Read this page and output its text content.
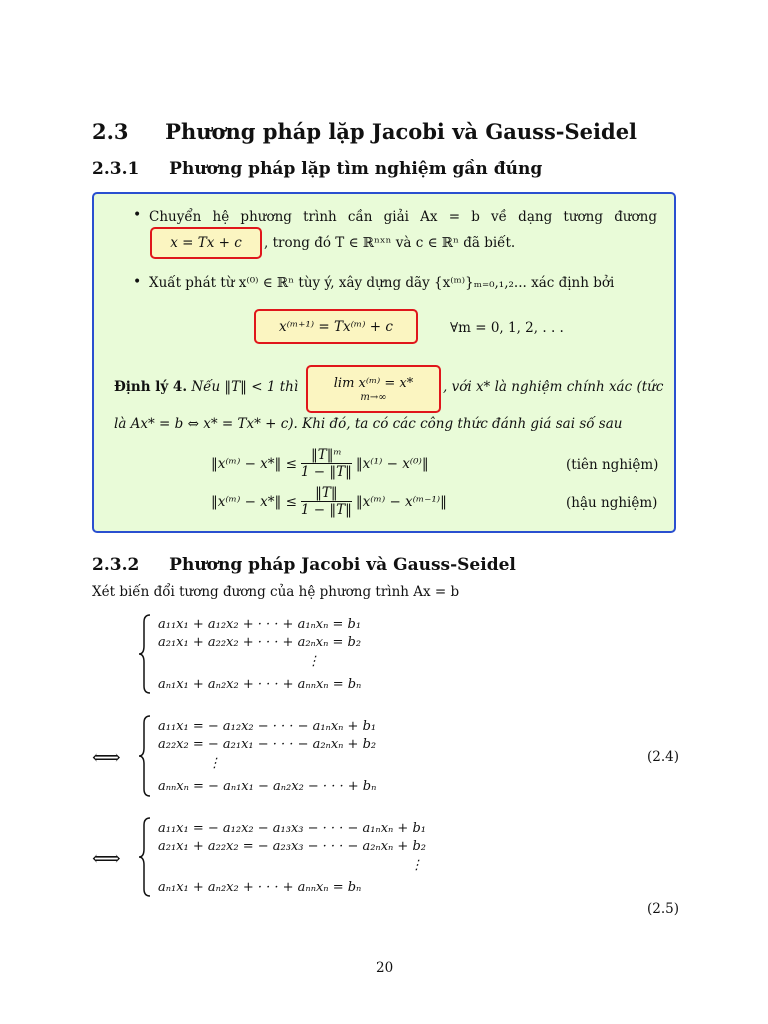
2.3 Phương pháp lặp Jacobi và Gauss-Seidel
2.3.1 Phương pháp lặp tìm nghiệm gần đúng
• Chuyển hệ phương trình cần giải Ax = b về dạng tương đương
x = Tx + c	, trong đó T ∈ ℝⁿˣⁿ và c ∈ ℝⁿ đã biết.
• Xuất phát từ x⁽⁰⁾ ∈ ℝⁿ tùy ý, xây dựng dãy {x⁽ᵐ⁾}ₘ₌₀,₁,₂... xác định bởi
x⁽ᵐ⁺¹⁾ = Tx⁽ᵐ⁾ + c	∀m = 0, 1, 2, . . .
Định lý 4. Nếu ‖T‖ < 1 thì	lim x⁽ᵐ⁾ = x*
m→∞
, với x* là nghiệm chính xác (tức
là Ax* = b ⇔ x* = Tx* + c). Khi đó, ta có các công thức đánh giá sai số sau
‖x⁽ᵐ⁾ − x*‖ ≤ $\frac{\text{‖T‖ᵐ}}{1 - ‖T‖}$ ‖x⁽¹⁾ − x⁽⁰⁾‖	(tiên nghiệm)
‖x⁽ᵐ⁾ − x*‖ ≤ $\frac{‖T‖}{1 - ‖T‖}$ ‖x⁽ᵐ⁾ − x⁽ᵐ⁻¹⁾‖	(hậu nghiệm)
2.3.2 Phương pháp Jacobi và Gauss-Seidel
Xét biến đổi tương đương của hệ phương trình Ax = b
a₁₁x₁ + a₁₂x₂ + · · · + a₁ₙxₙ = b₁
a₂₁x₁ + a₂₂x₂ + · · · + a₂ₙxₙ = b₂
⋮
aₙ₁x₁ + aₙ₂x₂ + · · · + aₙₙxₙ = bₙ
⟺
a₁₁x₁ = − a₁₂x₂ − · · · − a₁ₙxₙ + b₁
a₂₂x₂ = − a₂₁x₁ − · · · − a₂ₙxₙ + b₂
⋮
aₙₙxₙ = − aₙ₁x₁ − aₙ₂x₂ − · · · + bₙ
(2.4)
⟺
a₁₁x₁ = − a₁₂x₂ − a₁₃x₃ − · · · − a₁ₙxₙ + b₁
a₂₁x₁ + a₂₂x₂ = − a₂₃x₃ − · · · − a₂ₙxₙ + b₂
⋮
aₙ₁x₁ + aₙ₂x₂ + · · · + aₙₙxₙ = bₙ
(2.5)
20
